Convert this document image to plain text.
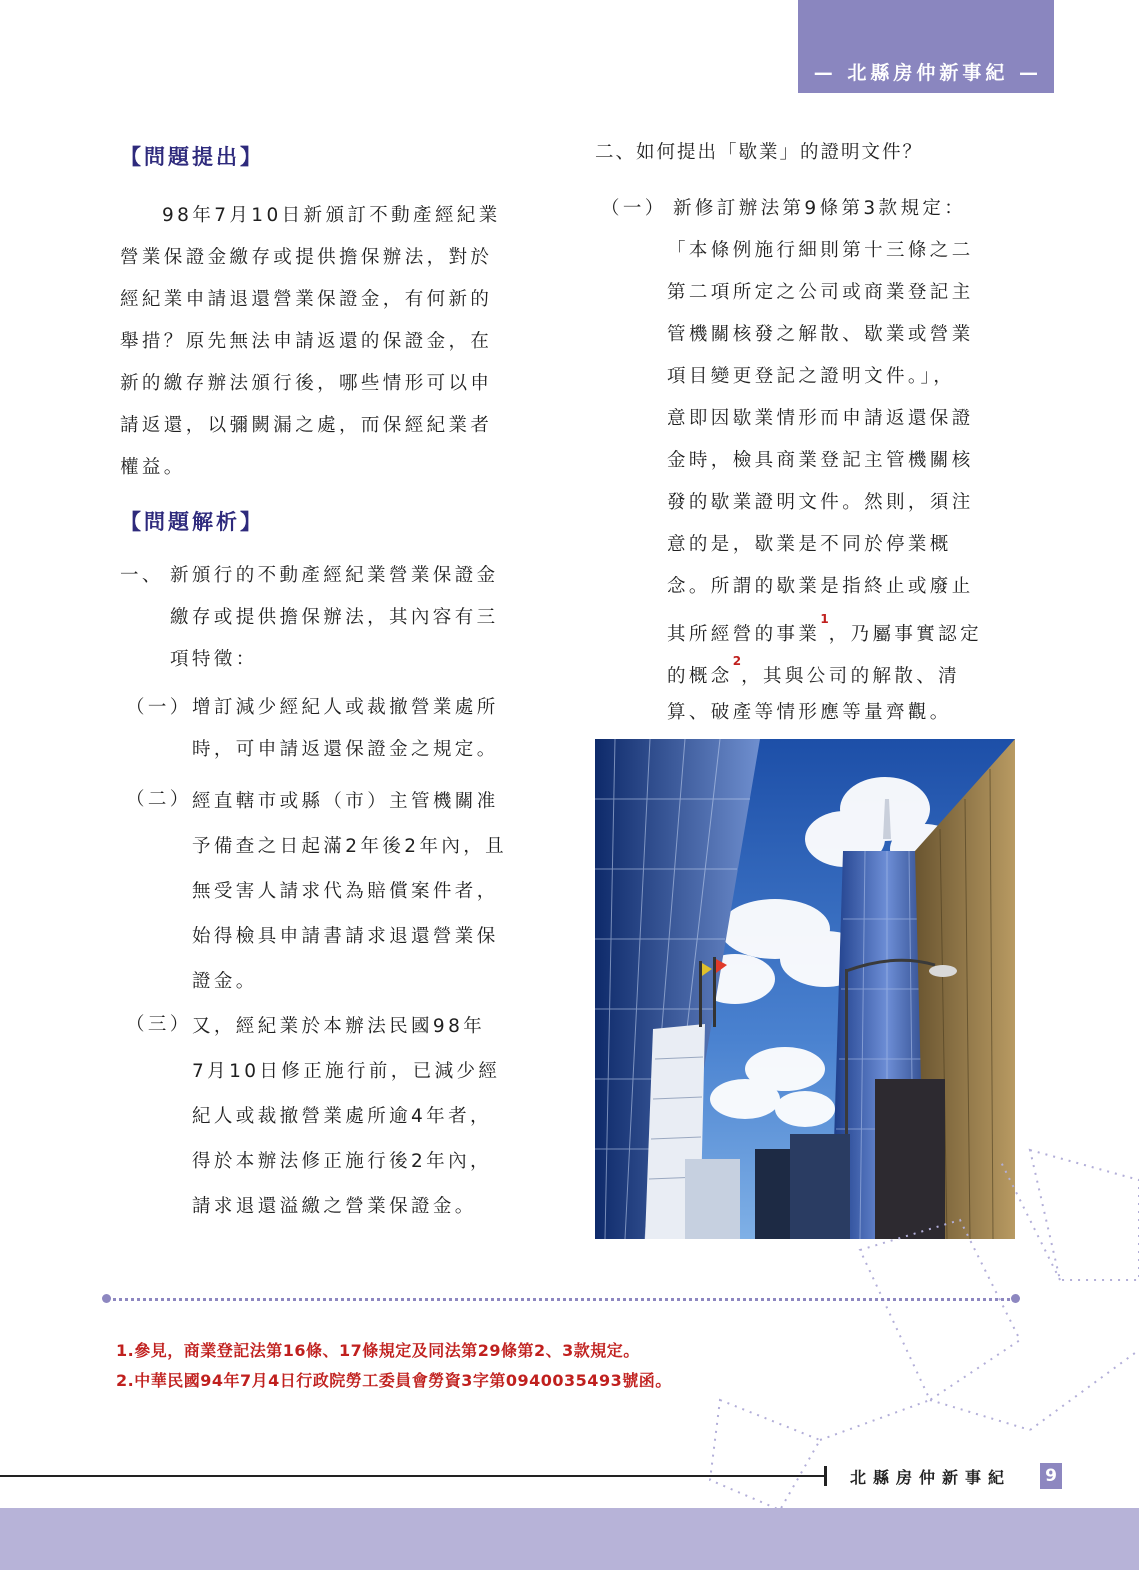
— 北縣房仲新事紀 —
【問題提出】
98年7月10日新頒訂不動產經紀業
營業保證金繳存或提供擔保辦法，對於
經紀業申請退還營業保證金，有何新的
舉措？原先無法申請返還的保證金，在
新的繳存辦法頒行後，哪些情形可以申
請返還，以彌闕漏之處，而保經紀業者
權益。
【問題解析】
一、 新頒行的不動產經紀業營業保證金
繳存或提供擔保辦法，其內容有三
項特徵：
（一） 增訂減少經紀人或裁撤營業處所
時，可申請返還保證金之規定。
（二） 經直轄市或縣（市）主管機關准
予備查之日起滿2年後2年內，且
無受害人請求代為賠償案件者，
始得檢具申請書請求退還營業保
證金。
（三） 又，經紀業於本辦法民國98年
7月10日修正施行前，已減少經
紀人或裁撤營業處所逾4年者，
得於本辦法修正施行後2年內，
請求退還溢繳之營業保證金。
二、如何提出「歇業」的證明文件？
（一） 新修訂辦法第9條第3款規定：
「本條例施行細則第十三條之二
第二項所定之公司或商業登記主
管機關核發之解散、歇業或營業
項目變更登記之證明文件。」，
意即因歇業情形而申請返還保證
金時，檢具商業登記主管機關核
發的歇業證明文件。然則，須注
意的是，歇業是不同於停業概
念。所謂的歇業是指終止或廢止
其所經營的事業$^1$，乃屬事實認定
的概念$^2$，其與公司的解散、清
算、破產等情形應等量齊觀。
1.參見，商業登記法第16條、17條規定及同法第29條第2、3款規定。
2.中華民國94年7月4日行政院勞工委員會勞資3字第0940035493號函。
北縣房仲新事紀 9
